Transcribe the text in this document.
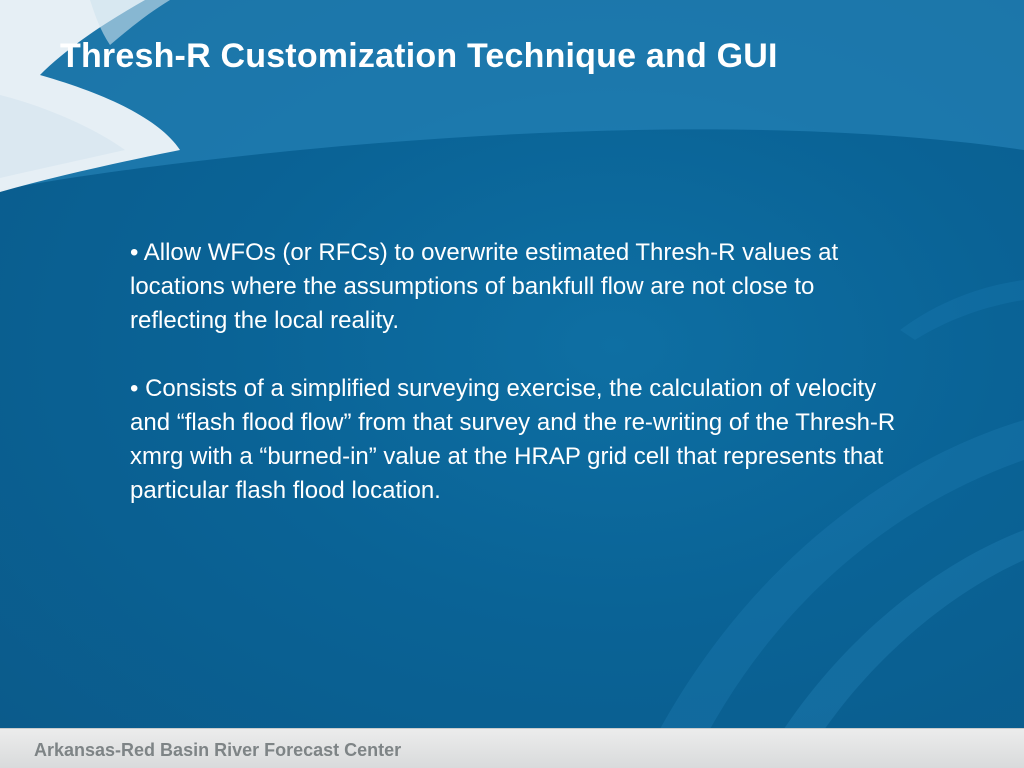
Thresh-R Customization Technique and GUI

• Allow WFOs (or RFCs) to overwrite estimated Thresh-R values at locations where the assumptions of bankfull flow are not close to reflecting the local reality.

• Consists of a simplified surveying exercise, the calculation of velocity and “flash flood flow” from that survey and the re-writing of the Thresh-R xmrg with a “burned-in” value at the HRAP grid cell that represents that particular flash flood location.

Arkansas-Red Basin River Forecast Center
